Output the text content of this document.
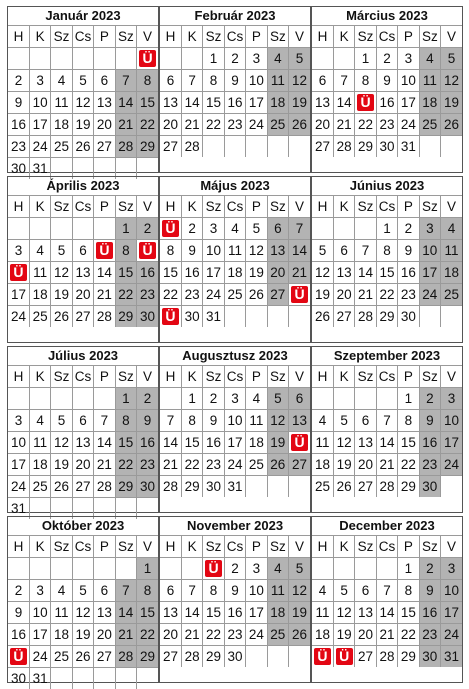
Január 2023
H	K	Sz	Cs	P	Sz	V
						Ü
2	3	4	5	6	7	8
9	10	11	12	13	14	15
16	17	18	19	20	21	22
23	24	25	26	27	28	29
30	31					
Február 2023
H	K	Sz	Cs	P	Sz	V
		1	2	3	4	5
6	7	8	9	10	11	12
13	14	15	16	17	18	19
20	21	22	23	24	25	26
27	28					
Március 2023
H	K	Sz	Cs	P	Sz	V
		1	2	3	4	5
6	7	8	9	10	11	12
13	14	Ü	16	17	18	19
20	21	22	23	24	25	26
27	28	29	30	31		
Április 2023
H	K	Sz	Cs	P	Sz	V
					1	2
3	4	5	6	Ü	8	Ü
Ü	11	12	13	14	15	16
17	18	19	20	21	22	23
24	25	26	27	28	29	30
Május 2023
H	K	Sz	Cs	P	Sz	V
Ü	2	3	4	5	6	7
8	9	10	11	12	13	14
15	16	17	18	19	20	21
22	23	24	25	26	27	Ü
Ü	30	31				
Június 2023
H	K	Sz	Cs	P	Sz	V
			1	2	3	4
5	6	7	8	9	10	11
12	13	14	15	16	17	18
19	20	21	22	23	24	25
26	27	28	29	30		
Július 2023
H	K	Sz	Cs	P	Sz	V
					1	2
3	4	5	6	7	8	9
10	11	12	13	14	15	16
17	18	19	20	21	22	23
24	25	26	27	28	29	30
31						
Augusztusz 2023
H	K	Sz	Cs	P	Sz	V
	1	2	3	4	5	6
7	8	9	10	11	12	13
14	15	16	17	18	19	Ü
21	22	23	24	25	26	27
28	29	30	31			
Szeptember 2023
H	K	Sz	Cs	P	Sz	V
				1	2	3
4	5	6	7	8	9	10
11	12	13	14	15	16	17
18	19	20	21	22	23	24
25	26	27	28	29	30	
Október 2023
H	K	Sz	Cs	P	Sz	V
						1
2	3	4	5	6	7	8
9	10	11	12	13	14	15
16	17	18	19	20	21	22
Ü	24	25	26	27	28	29
30	31					
November 2023
H	K	Sz	Cs	P	Sz	V
		Ü	2	3	4	5
6	7	8	9	10	11	12
13	14	15	16	17	18	19
20	21	22	23	24	25	26
27	28	29	30			
December 2023
H	K	Sz	Cs	P	Sz	V
				1	2	3
4	5	6	7	8	9	10
11	12	13	14	15	16	17
18	19	20	21	22	23	24
Ü	Ü	27	28	29	30	31
